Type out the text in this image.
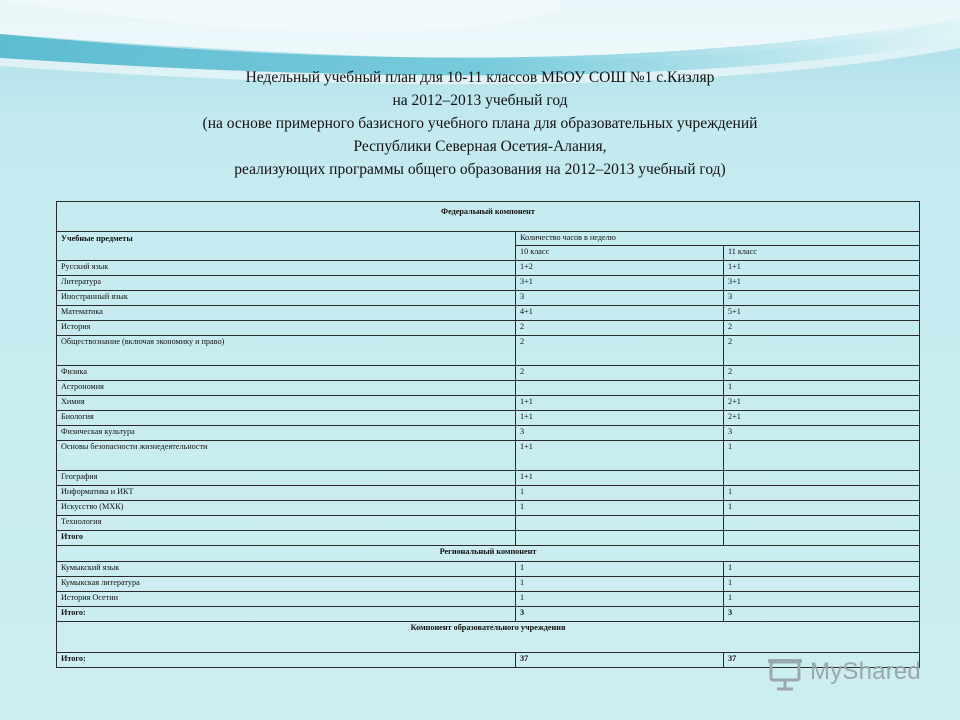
Недельный учебный план для 10-11 классов МБОУ СОШ №1 с.Кизляр
на 2012–2013 учебный год
(на основе примерного базисного учебного плана для образовательных учреждений
Республики Северная Осетия-Алания,
реализующих программы общего образования на 2012–2013 учебный год)
Федеральный компонент		
Учебные предметы	Количество часов в неделю	
	10 класс	11 класс
Русский язык	1+2	1+1
Литература	3+1	3+1
Иностранный язык	3	3
Математика	4+1	5+1
История	2	2
Обществознание (включая экономику и право)	2	2
Физика	2	2
Астрономия		1
Химия	1+1	2+1
Биология	1+1	2+1
Физическая культура	3	3
Основы безопасности жизнедеятельности	1+1	1
География	1+1	
Информатика и ИКТ	1	1
Искусство (МХК)	1	1
Технология		
Итого		
Региональный компонент		
Кумыкский язык	1	1
Кумыкская литература	1	1
История Осетии	1	1
Итого:	3	3
Компонент образовательного учреждения		
Итого:	37	37	MyShared
